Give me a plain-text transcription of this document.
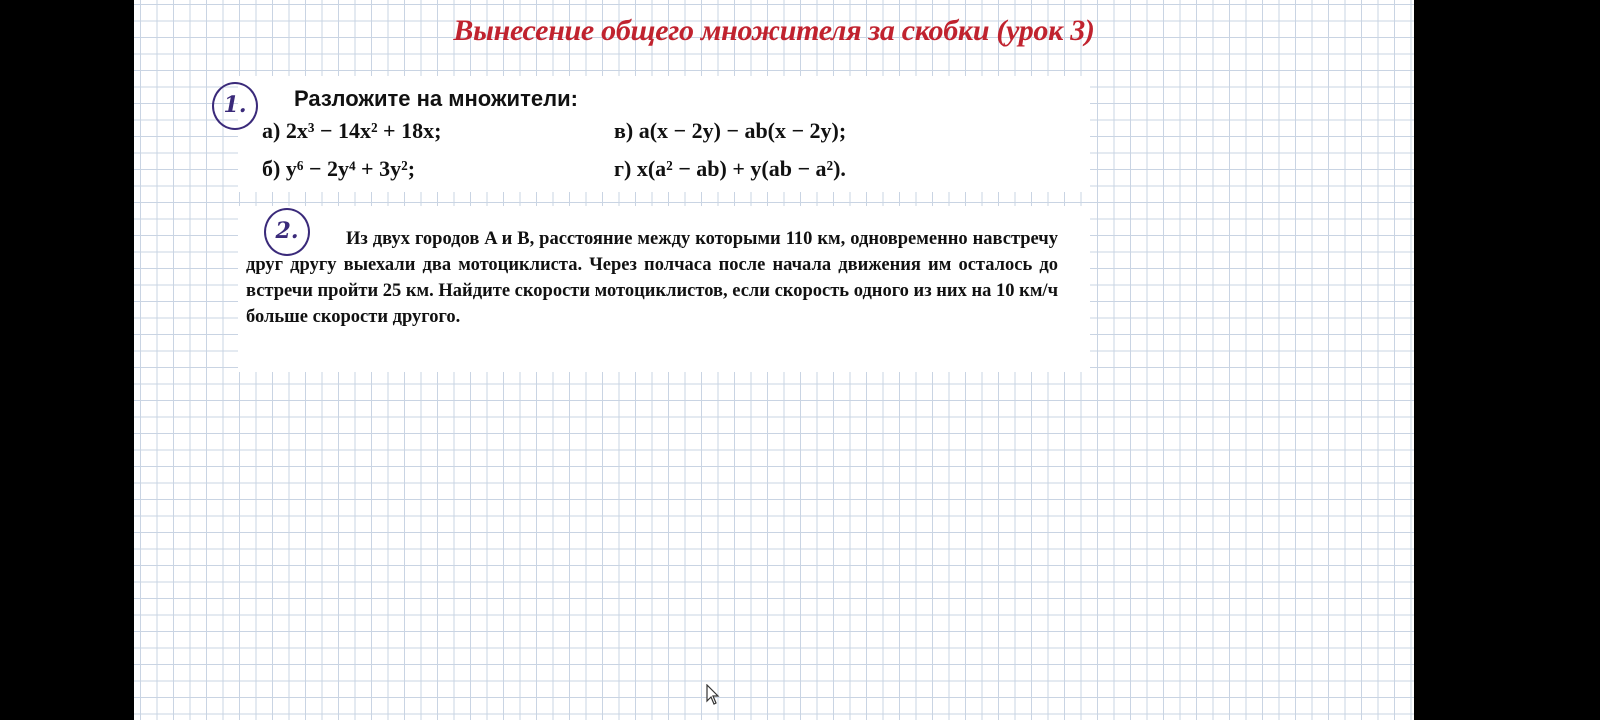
Вынесение общего множителя за скобки (урок 3)
1.	Разложите на множители:
а) 2x³ − 14x² + 18x;
б) y⁶ − 2y⁴ + 3y²;
в) a(x − 2y) − ab(x − 2y);
г) x(a² − ab) + y(ab − a²).
2.	Из двух городов A и B, расстояние между которыми 110 км, одновременно навстречу друг другу выехали два мотоциклиста. Через полчаса после начала движения им осталось до встречи пройти 25 км. Найдите скорости мотоциклистов, если скорость одного из них на 10 км/ч больше скорости другого.
